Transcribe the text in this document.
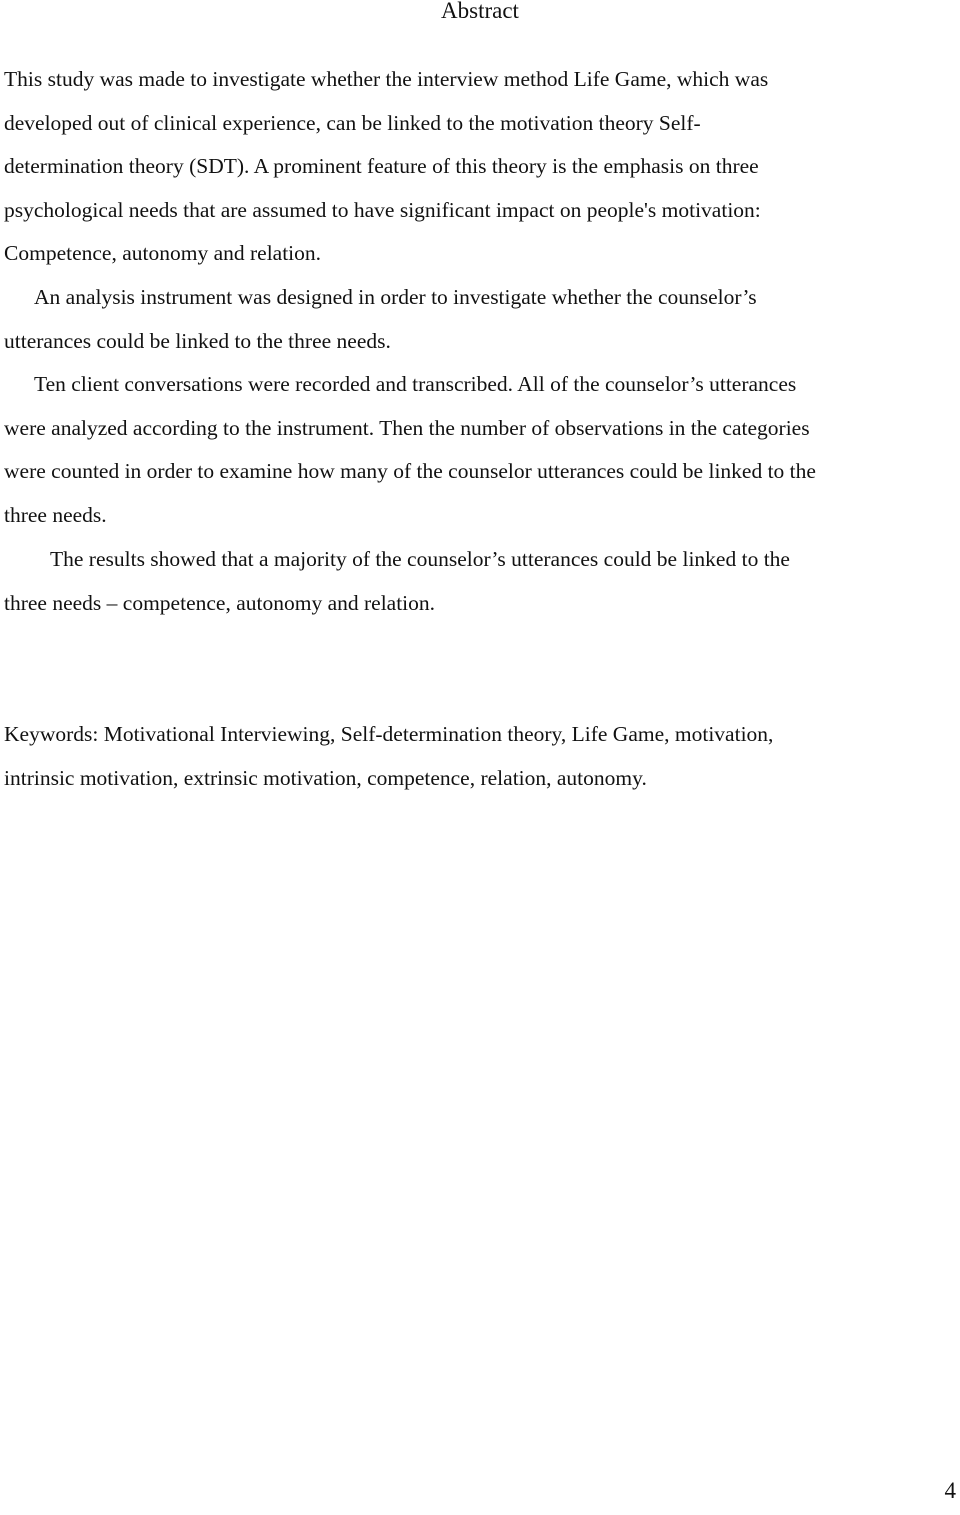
Abstract

This study was made to investigate whether the interview method Life Game, which was
developed out of clinical experience, can be linked to the motivation theory Self-
determination theory (SDT). A prominent feature of this theory is the emphasis on three
psychological needs that are assumed to have significant impact on people's motivation:
Competence, autonomy and relation.

An analysis instrument was designed in order to investigate whether the counselor’s
utterances could be linked to the three needs.

Ten client conversations were recorded and transcribed. All of the counselor’s utterances
were analyzed according to the instrument. Then the number of observations in the categories
were counted in order to examine how many of the counselor utterances could be linked to the
three needs.

The results showed that a majority of the counselor’s utterances could be linked to the
three needs – competence, autonomy and relation.

Keywords: Motivational Interviewing, Self-determination theory, Life Game, motivation,
intrinsic motivation, extrinsic motivation, competence, relation, autonomy.

4
